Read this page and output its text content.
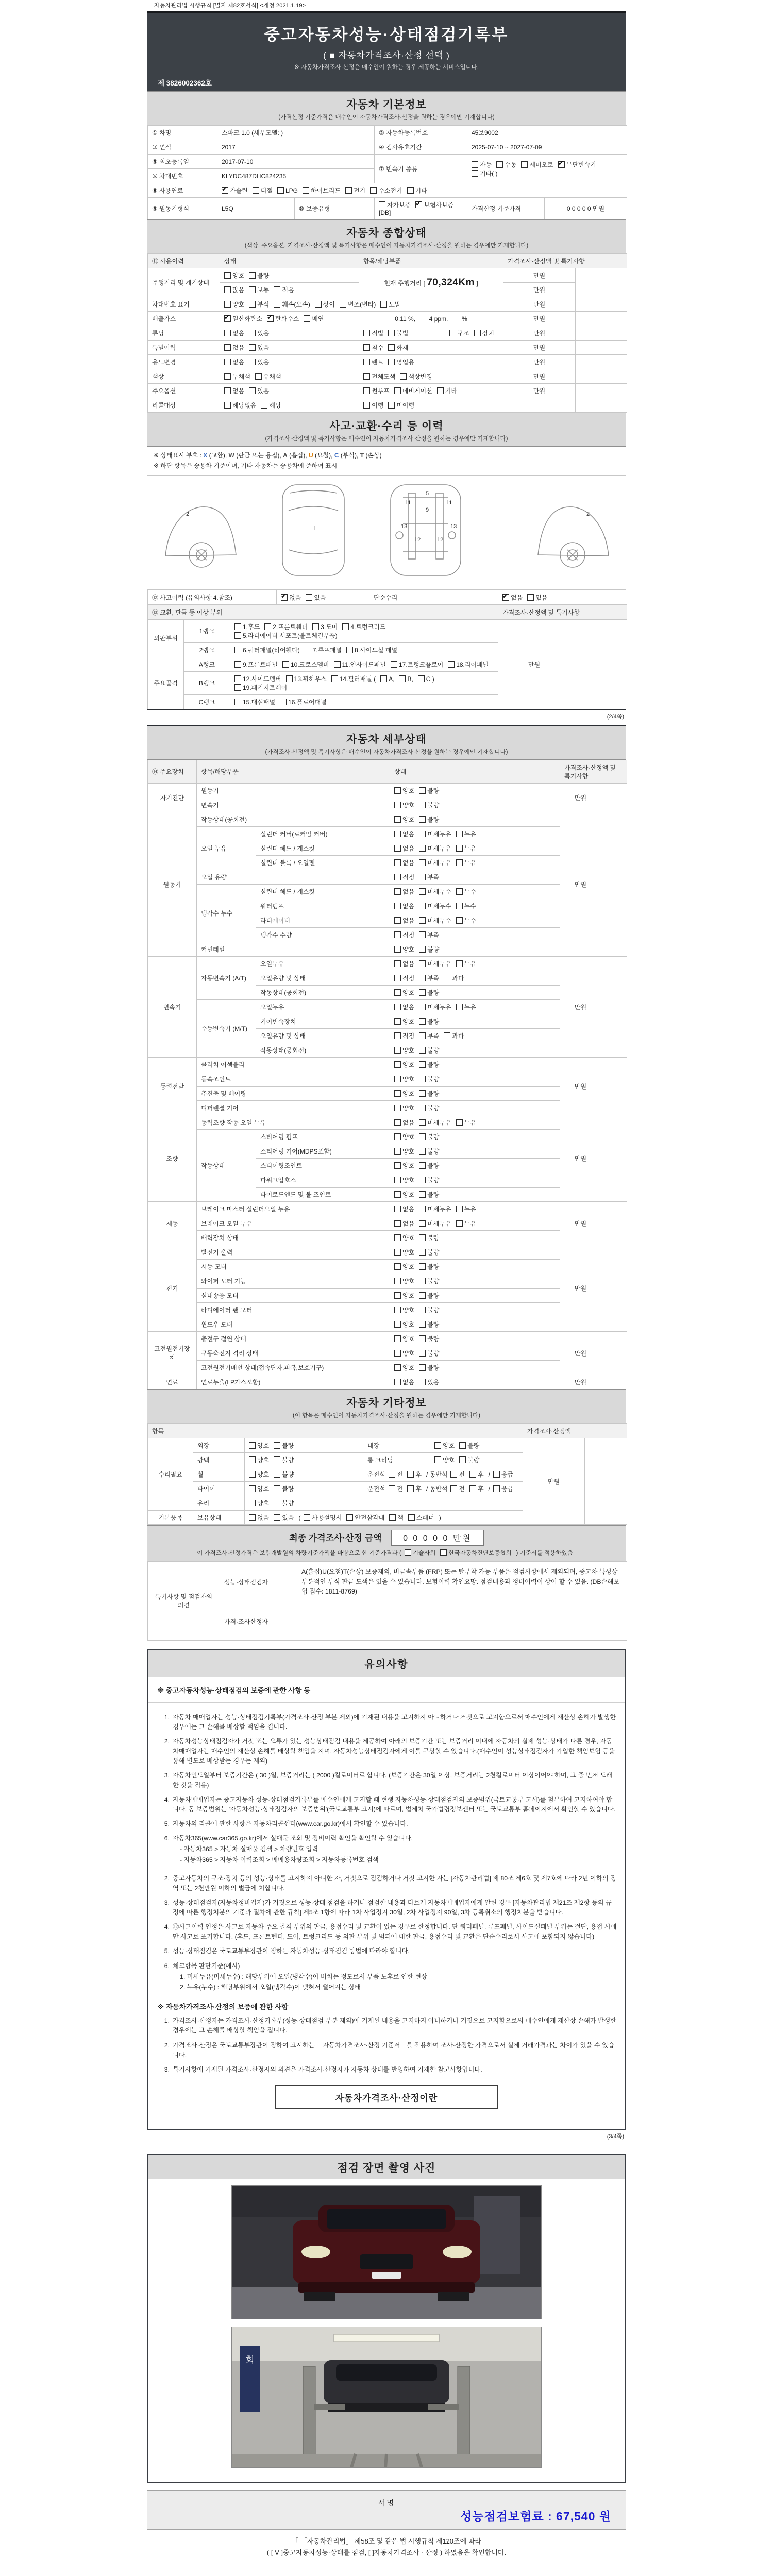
자동차관리법 시행규칙 [별지 제82호서식] <개정 2021.1.19>
중고자동차성능·상태점검기록부
( ■ 자동차가격조사·산정 선택 )
※ 자동차가격조사·산정은 매수인이 원하는 경우 제공하는 서비스입니다.
제 3826002362호
자동차 기본정보
(가격산정 기준가격은 매수인이 자동차가격조사·산정을 원하는 경우에만 기재합니다)
① 차명	스파크 1.0 (세부모델: )		② 자동차등록번호	45보9002	
③ 연식	2017		④ 검사유효기간	2025-07-10 ~ 2027-07-09	
⑤ 최초등록일	2017-07-10		⑦ 변속기 종류	자동 수동 세미오토 ✔ 무단변속기기타( )
⑥ 차대번호	KLYDC487DHC824235				
⑧ 사용연료	✔가솔린 디젤 LPG 하이브리드 전기 수소전기 기타
⑨ 원동기형식	L5Q	⑩ 보증유형	자가보증 ✔ 보험사보증[DB]	가격산정 기준가격	0 0 0 0 0 만원
자동차 종합상태
(색상, 주요옵션, 가격조사·산정액 및 특기사항은 매수인이 자동차가격조사·산정을 원하는 경우에만 기재합니다)
⑪ 사용이력	상태	항목/해당부품	가격조사·산정액 및 특기사항	
주행거리 및 계기상태	양호 불량	현재 주행거리 [ 70,324Km ]	만원	
	많음 보통 적음		만원	
차대번호 표기	양호 부식 훼손(오손) 상이 변조(변타) 도말		만원	
배출가스	✔일산화탄소 ✔ 탄화수소 매연	0.11 %,        4 ppm,        %	만원	
튜닝	없음 있음	적법 불법 구조 장치	만원	
특별이력	없음 있음	침수 화재	만원	
용도변경	없음 있음	렌트 영업용	만원	
색상	무채색 유채색	전체도색 색상변경	만원	
주요옵션	없음 있음	썬루프 네비게이션 기타	만원	
리콜대상	해당없음 해당	이행 미이행		
사고·교환·수리 등 이력
(가격조사·산정액 및 특기사항은 매수인이 자동차가격조사·산정을 원하는 경우에만 기재합니다)
※ 상태표시 부호 : X (교환), W (판금 또는 용접), A (흠집), U (요철), C (부식), T (손상)
※ 하단 항목은 승용차 기준이며, 기타 자동차는 승용차에 준하여 표시
2
1
5
9
11	11
12	12
13	13
2
⑫ 사고이력 (유의사항 4.참조)	✔없음 있음	단순수리	✔없음 있음
⑬ 교환, 판금 등 이상 부위			가격조사·산정액 및 특기사항	
외판부위	1랭크	1.후드 2.프론트휀더 3.도어 4.트렁크리드5.라디에이터 서포트(볼트체결부품)	만원	
	2랭크	6.쿼터패널(리어휀다) 7.루프패널 8.사이드실 패널		
주요골격	A랭크	9.프론트패널 10.크로스멤버 11.인사이드패널 17.트렁크플로어 18.리어패널		
	B랭크	12.사이드멤버 13.휠하우스 14.필러패널 ( A, B, C )19.패키지트레이		
	C랭크	15.대쉬패널 16.플로어패널		
(2/4쪽)
자동차 세부상태
(가격조사·산정액 및 특기사항은 매수인이 자동차가격조사·산정을 원하는 경우에만 기재합니다)
⑭ 주요장치	항목/해당부품		상태	가격조사·산정액 및 특기사항	
자기진단	원동기		양호 불량	만원	
	변속기		양호 불량		
원동기	작동상태(공회전)		양호 불량	만원	
	오일 누유	실린더 커버(로커암 커버)	없음 미세누유 누유		
		실린더 헤드 / 개스킷	없음 미세누유 누유		
		실린더 블록 / 오일팬	없음 미세누유 누유		
	오일 유량		적정 부족		
	냉각수 누수	실린더 헤드 / 개스킷	없음 미세누수 누수		
		워터펌프	없음 미세누수 누수		
		라디에이터	없음 미세누수 누수		
		냉각수 수량	적정 부족		
	커먼레일		양호 불량		
변속기	자동변속기 (A/T)	오일누유	없음 미세누유 누유	만원	
		오일유량 및 상태	적정 부족 과다		
		작동상태(공회전)	양호 불량		
	수동변속기 (M/T)	오일누유	없음 미세누유 누유		
		기어변속장치	양호 불량		
		오일유량 및 상태	적정 부족 과다		
		작동상태(공회전)	양호 불량		
동력전달	클러치 어셈블리		양호 불량	만원	
	등속조인트		양호 불량		
	추진축 및 베어링		양호 불량		
	디퍼렌셜 기어		양호 불량		
조향	동력조향 작동 오일 누유		없음 미세누유 누유	만원	
	작동상태	스티어링 펌프	양호 불량		
		스티어링 기어(MDPS포함)	양호 불량		
		스티어링조인트	양호 불량		
		파워고압호스	양호 불량		
		타이로드엔드 및 볼 조인트	양호 불량		
제동	브레이크 마스터 실린더오일 누유		없음 미세누유 누유	만원	
	브레이크 오일 누유		없음 미세누유 누유		
	배력장치 상태		양호 불량		
전기	발전기 출력		양호 불량	만원	
	시동 모터		양호 불량		
	와이퍼 모터 기능		양호 불량		
	실내송풍 모터		양호 불량		
	라디에이터 팬 모터		양호 불량		
	윈도우 모터		양호 불량		
고전원전기장치	충전구 절연 상태		양호 불량	만원	
	구동축전지 격리 상태		양호 불량		
	고전원전기배선 상태(접속단자,피복,보호기구)		양호 불량		
연료	연료누출(LP가스포함)		없음 있음	만원	
자동차 기타정보
(이 항목은 매수인이 자동차가격조사·산정을 원하는 경우에만 기재합니다)
항목					가격조사·산정액	
수리필요	외장	양호 불량	내장	양호 불량	만원	
	광택	양호 불량	룸 크리닝	양호 불량		
	휠	양호 불량	운전석 전 후 / 동반석 전 후 / 응급			
	타이어	양호 불량	운전석 전 후 / 동반석 전 후 / 응급			
	유리	양호 불량				
기본품목	보유상태	없음 있음 ( 사용설명서 안전삼각대 잭 스패너 )				
최종 가격조사·산정 금액	0 0 0 0 0 만원
이 가격조사·산정가격은 보험개발원의 차량기준가액을 바탕으로 한 기준가격과 ( 기술사회 한국자동차진단보증협회 ) 기준서를 적용하였음
특기사항 및 점검자의 의견	성능·상태점검자	A(흠집)U(요철)T(손상) 보증제외, 비금속부품 (FRP) 또는 탈부착 가능 부품은 점검사항에서 제외되며, 중고차 특성상 부분적인 부식 판금 도색은 있을 수 있습니다. 보험이력 확인요망. 점검내용과 정비이력이 상이 할 수 있음. (DB손해보험 접수: 1811-8769)
	가격·조사산정자	
유의사항
※ 중고자동차성능·상태점검의 보증에 관한 사항 등
1. 자동차 매매업자는 성능·상태점검기록부(가격조사·산정 부분 제외)에 기재된 내용을 고지하지 아니하거나 거짓으로 고지함으로써 매수인에게 재산상 손해가 발생한 경우에는 그 손해를 배상할 책임을 집니다.
2. 자동차성능상태점검자가 거짓 또는 오류가 있는 성능상태점검 내용을 제공하여 아래의 보증기간 또는 보증거리 이내에 자동차의 실제 성능·상태가 다른 경우, 자동차매매업자는 매수인의 재산상 손해를 배상할 책임을 지며, 자동차성능상태점검자에게 이를 구상할 수 있습니다.(매수인이 성능상태점검자가 가입한 책임보험 등을 통해 별도로 배상받는 경우는 제외)
3. 자동차인도일부터 보증기간은 ( 30 )일, 보증거리는 ( 2000 )킬로미터로 합니다. (보증기간은 30일 이상, 보증거리는 2천킬로미터 이상이어야 하며, 그 중 먼저 도래한 것을 적용)
4. 자동차매매업자는 중고자동차 성능·상태점검기록부를 매수인에게 고지할 때 현행 자동차성능·상태점검자의 보증범위(국토교통부 고시)를 첨부하여 고지하여야 합니다. 동 보증범위는 '자동차성능·상태점검자의 보증범위'(국토교통부 고시)에 따르며, 법제처 국가법령정보센터 또는 국토교통부 홈페이지에서 확인할 수 있습니다.
5. 자동차의 리콜에 관한 사항은 자동차리콜센터(www.car.go.kr)에서 확인할 수 있습니다.
6. 자동차365(www.car365.go.kr)에서 실매물 조회 및 정비이력 확인을 확인할 수 있습니다.
- 자동차365 > 자동차 실매물 검색 > 차량번호 입력
- 자동차365 > 자동차 이력조회 > 매매용차량조회 > 자동차등록번호 검색
2. 중고자동차의 구조·장치 등의 성능·상태를 고지하지 아니한 자, 거짓으로 점검하거나 거짓 고지한 자는 [자동차관리법] 제 80조 제6호 및 제7호에 따라 2년 이하의 징역 또는 2천만원 이하의 벌금에 처합니다.
3. 성능·상태점검자(자동차정비업자)가 거짓으로 성능·상태 점검을 하거나 점검한 내용과 다르게 자동차매매업자에게 알린 경우 [자동차관리법 제21조 제2항 등의 규정에 따른 행정처분의 기준과 절차에 관한 규칙] 제5조 1항에 따라 1차 사업정지 30일, 2차 사업정지 90일, 3차 등록취소의 행정처분을 받습니다.
4. ⑫사고이력 인정은 사고로 자동차 주요 골격 부위의 판금, 용접수리 및 교환이 있는 경우로 한정합니다. 단 쿼터패널, 루프패널, 사이드실패널 부위는 절단, 용접 시에만 사고로 표기합니다. (후드, 프론트펜더, 도어, 트렁크리드 등 외판 부위 및 범퍼에 대한 판금, 용접수리 및 교환은 단순수리로서 사고에 포함되지 않습니다)
5. 성능·상태점검은 국토교통부장관이 정하는 자동차성능·상태점검 방법에 따라야 합니다.
6. 체크항목 판단기준(예시)
1. 미세누유(미세누수) : 해당부위에 오일(냉각수)이 비치는 정도로서 부품 노후로 인한 현상
2. 누유(누수) : 해당부위에서 오일(냉각수)이 맺혀서 떨어지는 상태
※ 자동차가격조사·산정의 보증에 관한 사항
1. 가격조사·산정자는 가격조사·산정기록부(성능·상태점검 부분 제외)에 기재된 내용을 고지하지 아니하거나 거짓으로 고지함으로써 매수인에게 재산상 손해가 발생한 경우에는 그 손해를 배상할 책임을 집니다.
2. 가격조사·산정은 국토교통부장관이 정하여 고시하는 「자동차가격조사·산정 기준서」를 적용하여 조사·산정한 가격으로서 실제 거래가격과는 차이가 있을 수 있습니다.
3. 특기사항에 기재된 가격조사·산정자의 의견은 가격조사·산정자가 자동차 상태를 반영하여 기재한 참고사항입니다.
자동차가격조사·산정이란
(3/4쪽)
점검 장면 촬영 사진
회
서명
성능점검보험료 : 67,540 원
「 「자동차관리법」 제58조 및 같은 법 시행규칙 제120조에 따라
( [ V ]중고자동차성능·상태를 점검, [ ]자동차가격조사 · 산정 ) 하였음을 확인합니다.
